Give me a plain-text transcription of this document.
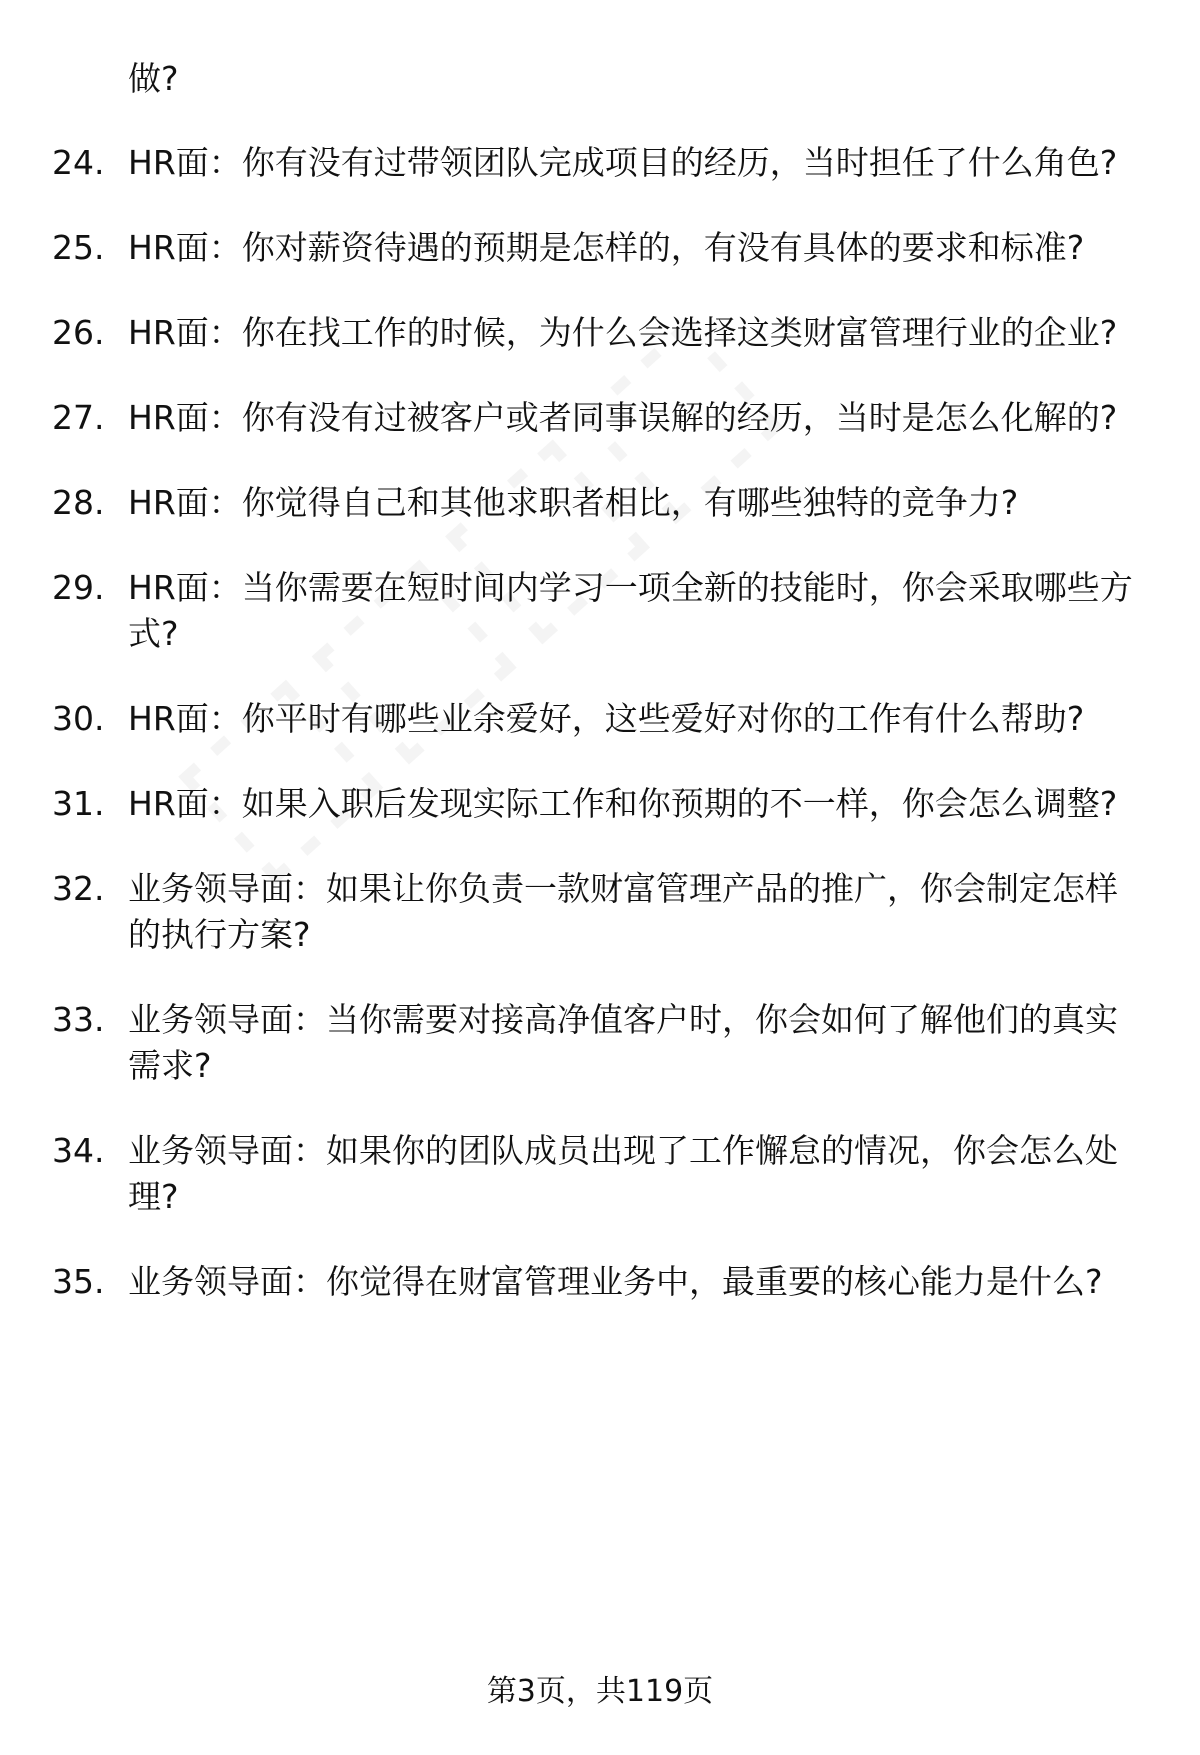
做?

24. HR面：你有没有过带领团队完成项目的经历，当时担任了什么角色?
25. HR面：你对薪资待遇的预期是怎样的，有没有具体的要求和标准?
26. HR面：你在找工作的时候，为什么会选择这类财富管理行业的企业?
27. HR面：你有没有过被客户或者同事误解的经历，当时是怎么化解的?
28. HR面：你觉得自己和其他求职者相比，有哪些独特的竞争力?
29. HR面：当你需要在短时间内学习一项全新的技能时，你会采取哪些方式?
30. HR面：你平时有哪些业余爱好，这些爱好对你的工作有什么帮助?
31. HR面：如果入职后发现实际工作和你预期的不一样，你会怎么调整?
32. 业务领导面：如果让你负责一款财富管理产品的推广，你会制定怎样的执行方案?
33. 业务领导面：当你需要对接高净值客户时，你会如何了解他们的真实需求?
34. 业务领导面：如果你的团队成员出现了工作懈怠的情况，你会怎么处理?
35. 业务领导面：你觉得在财富管理业务中，最重要的核心能力是什么?
第3页，共119页
